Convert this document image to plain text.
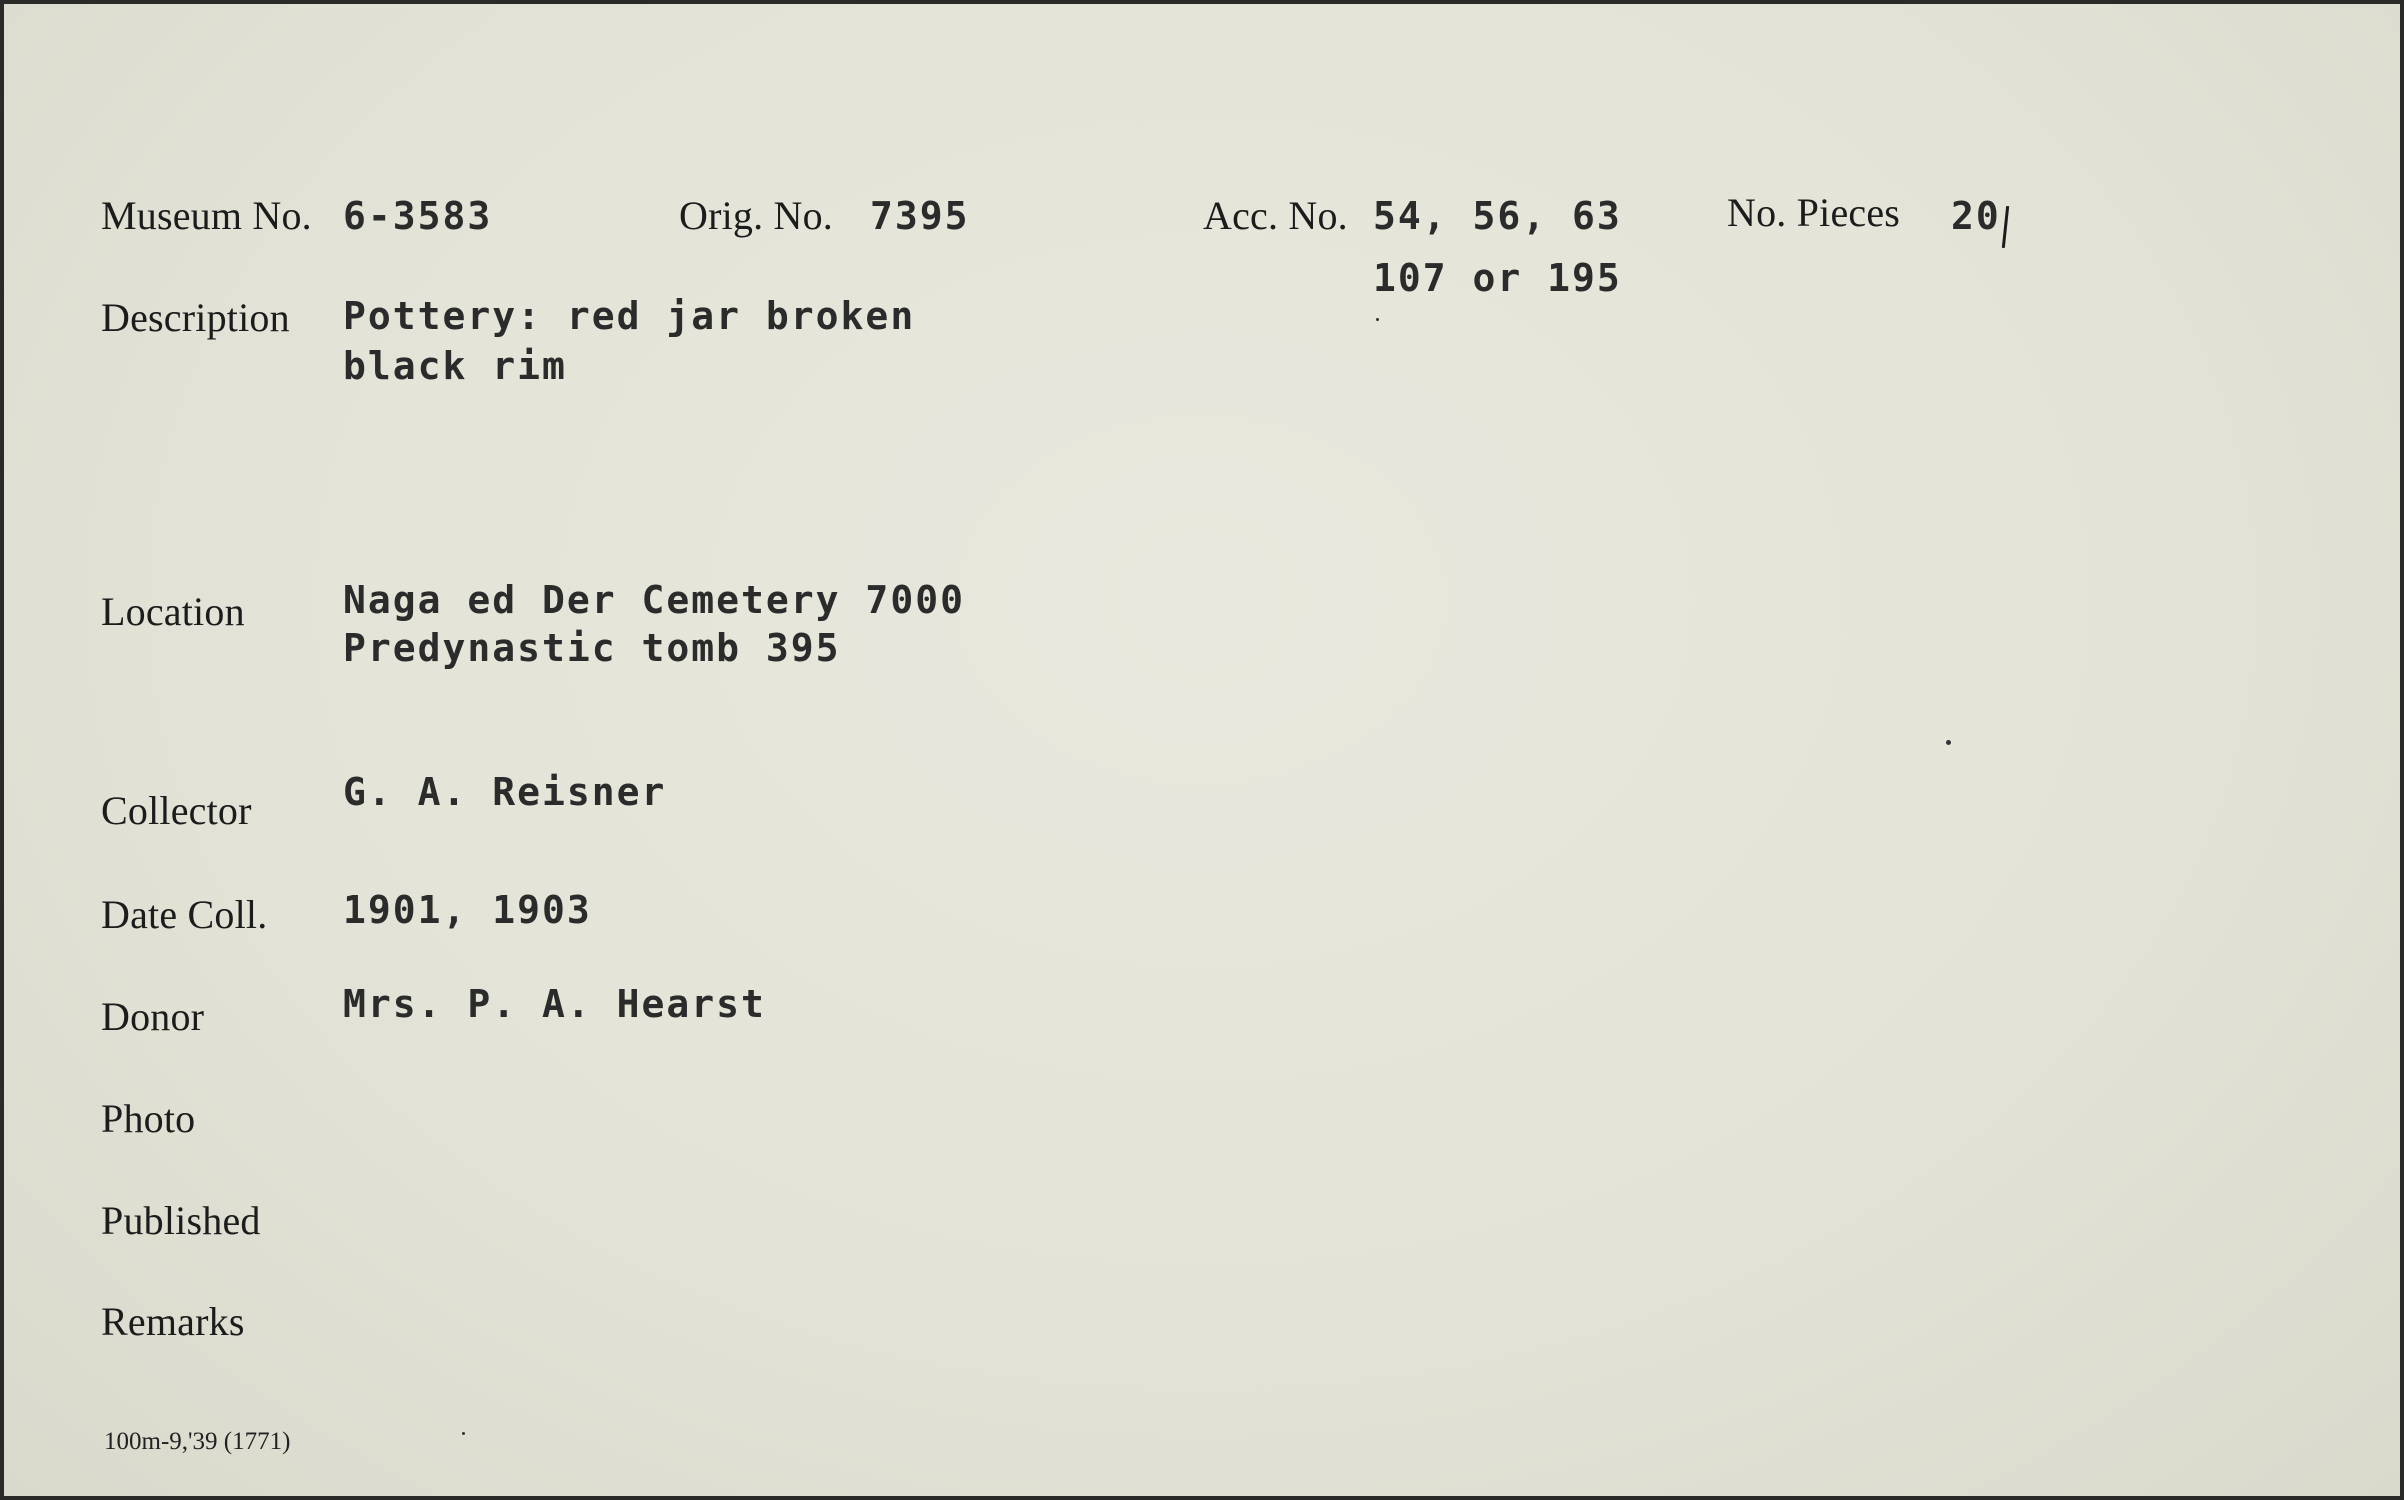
Museum No. 6-3583	Orig. No. 7395	Acc. No. 54, 56, 63
107 or 195
No. Pieces 20
Description Pottery: red jar broken
black rim
Location	Naga ed Der Cemetery 7000
Predynastic tomb 395
Collector G. A. Reisner
Date Coll. 1901, 1903
Donor	Mrs. P. A. Hearst
Photo
Published
Remarks
100m-9,'39 (1771)
